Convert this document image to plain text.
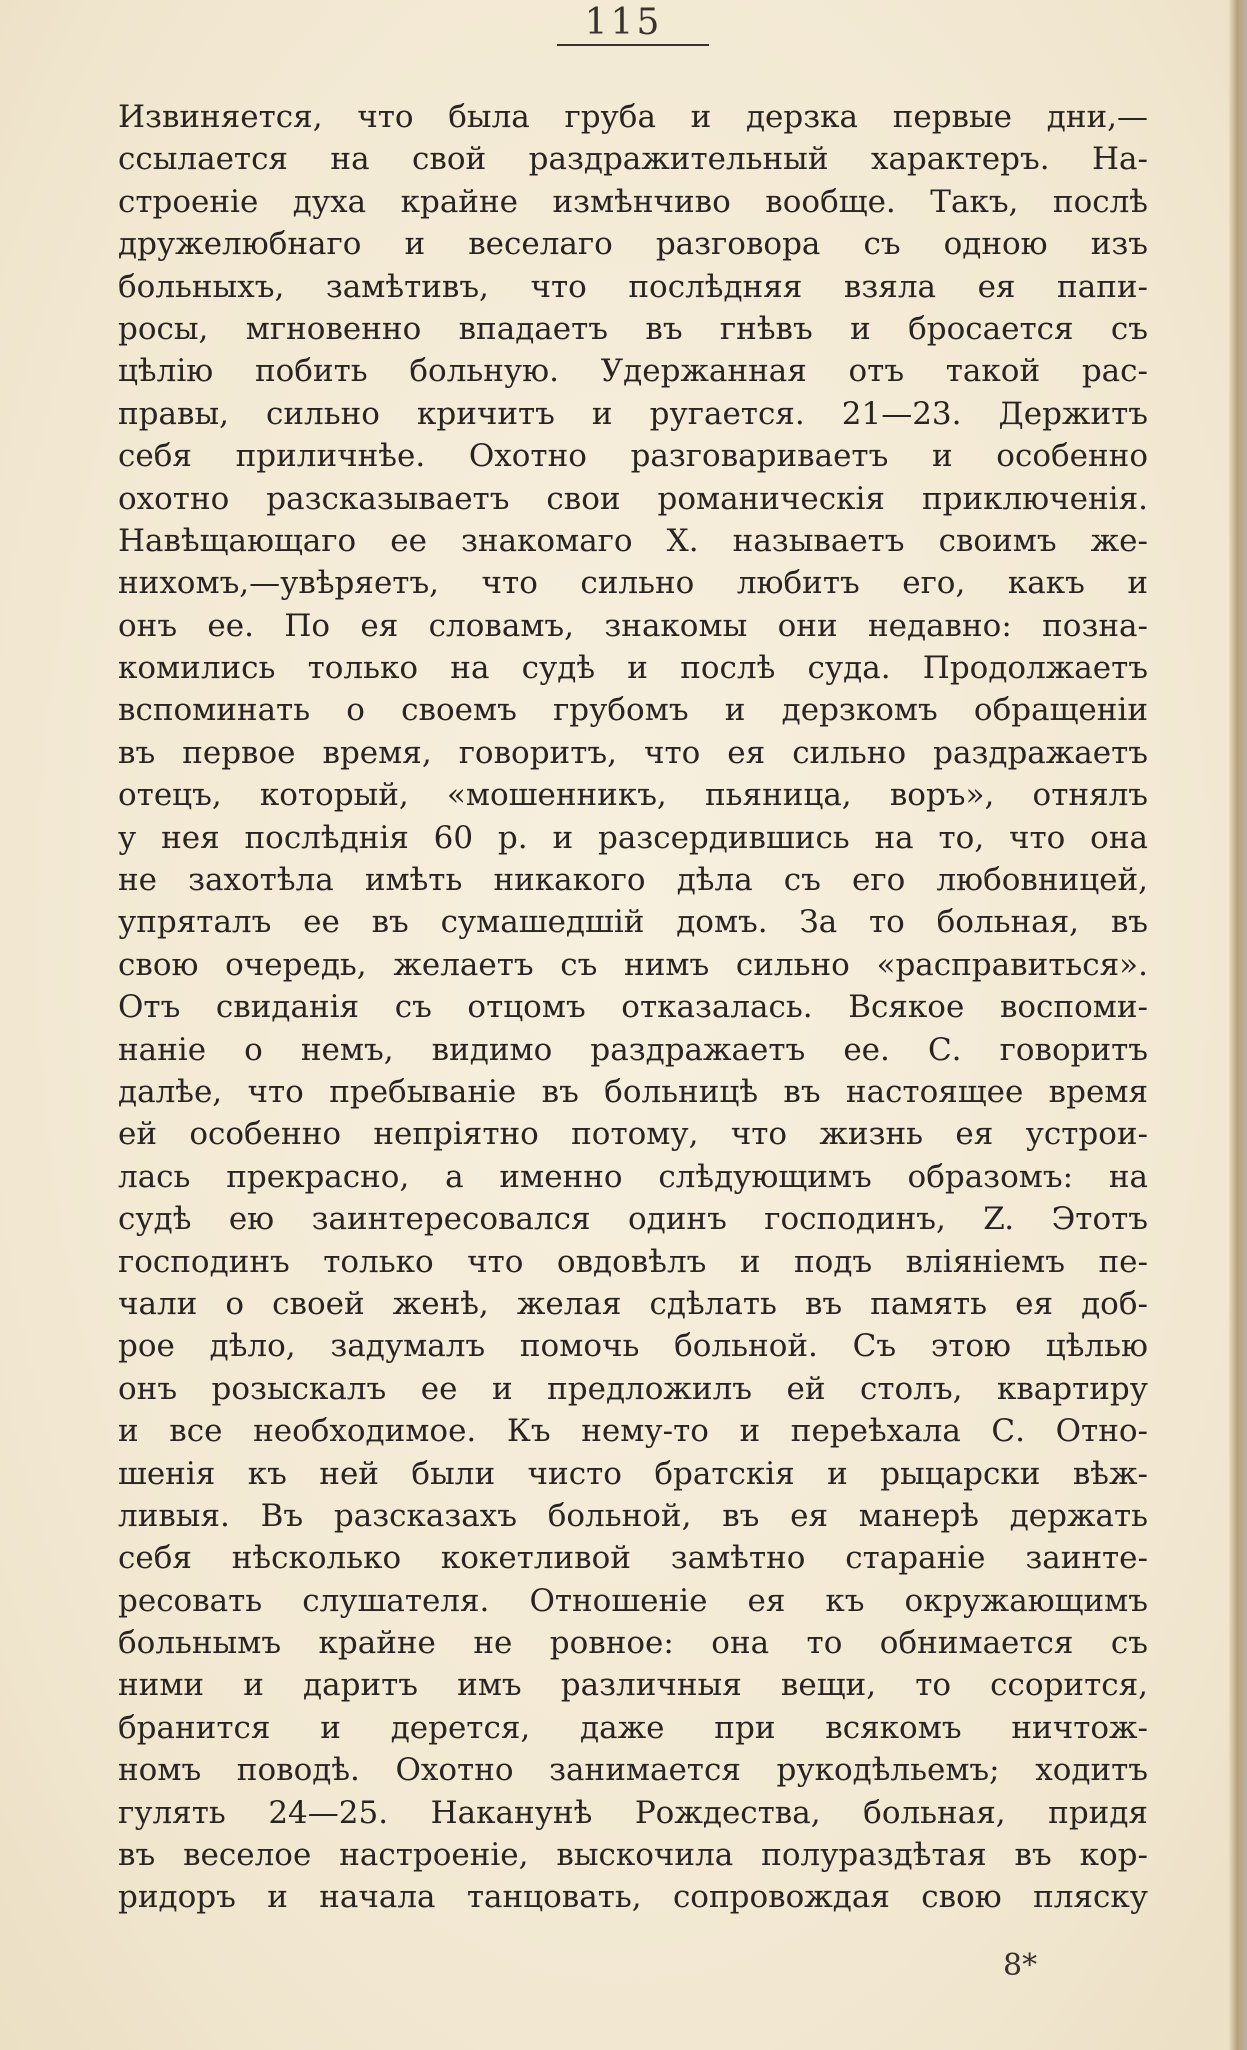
115
Извиняется, что была груба и дерзка первые дни,—
ссылается на свой раздражительный характеръ. На-
строеніе духа крайне измѣнчиво вообще. Такъ, послѣ
дружелюбнаго и веселаго разговора съ одною изъ
больныхъ, замѣтивъ, что послѣдняя взяла ея папи-
росы, мгновенно впадаетъ въ гнѣвъ и бросается съ
цѣлію побить больную. Удержанная отъ такой рас-
правы, сильно кричитъ и ругается. 21—23. Держитъ
себя приличнѣе. Охотно разговариваетъ и особенно
охотно разсказываетъ свои романическія приключенія.
Навѣщающаго ее знакомаго X. называетъ своимъ же-
нихомъ,—увѣряетъ, что сильно любитъ его, какъ и
онъ ее. По ея словамъ, знакомы они недавно: позна-
комились только на судѣ и послѣ суда. Продолжаетъ
вспоминать о своемъ грубомъ и дерзкомъ обращеніи
въ первое время, говоритъ, что ея сильно раздражаетъ
отецъ, который, «мошенникъ, пьяница, воръ», отнялъ
у нея послѣднія 60 р. и разсердившись на то, что она
не захотѣла имѣть никакого дѣла съ его любовницей,
упряталъ ее въ сумашедшій домъ. За то больная, въ
свою очередь, желаетъ съ нимъ сильно «расправиться».
Отъ свиданія съ отцомъ отказалась. Всякое воспоми-
наніе о немъ, видимо раздражаетъ ее. С. говоритъ
далѣе, что пребываніе въ больницѣ въ настоящее время
ей особенно непріятно потому, что жизнь ея устрои-
лась прекрасно, а именно слѣдующимъ образомъ: на
судѣ ею заинтересовался одинъ господинъ, Z. Этотъ
господинъ только что овдовѣлъ и подъ вліяніемъ пе-
чали о своей женѣ, желая сдѣлать въ память ея доб-
рое дѣло, задумалъ помочь больной. Съ этою цѣлью
онъ розыскалъ ее и предложилъ ей столъ, квартиру
и все необходимое. Къ нему-то и переѣхала С. Отно-
шенія къ ней были чисто братскія и рыцарски вѣж-
ливыя. Въ разсказахъ больной, въ ея манерѣ держать
себя нѣсколько кокетливой замѣтно стараніе заинте-
ресовать слушателя. Отношеніе ея къ окружающимъ
больнымъ крайне не ровное: она то обнимается съ
ними и даритъ имъ различныя вещи, то ссорится,
бранится и дерется, даже при всякомъ ничтож-
номъ поводѣ. Охотно занимается рукодѣльемъ; ходитъ
гулять 24—25. Наканунѣ Рождества, больная, придя
въ веселое настроеніе, выскочила полураздѣтая въ кор-
ридоръ и начала танцовать, сопровождая свою пляску
8*
